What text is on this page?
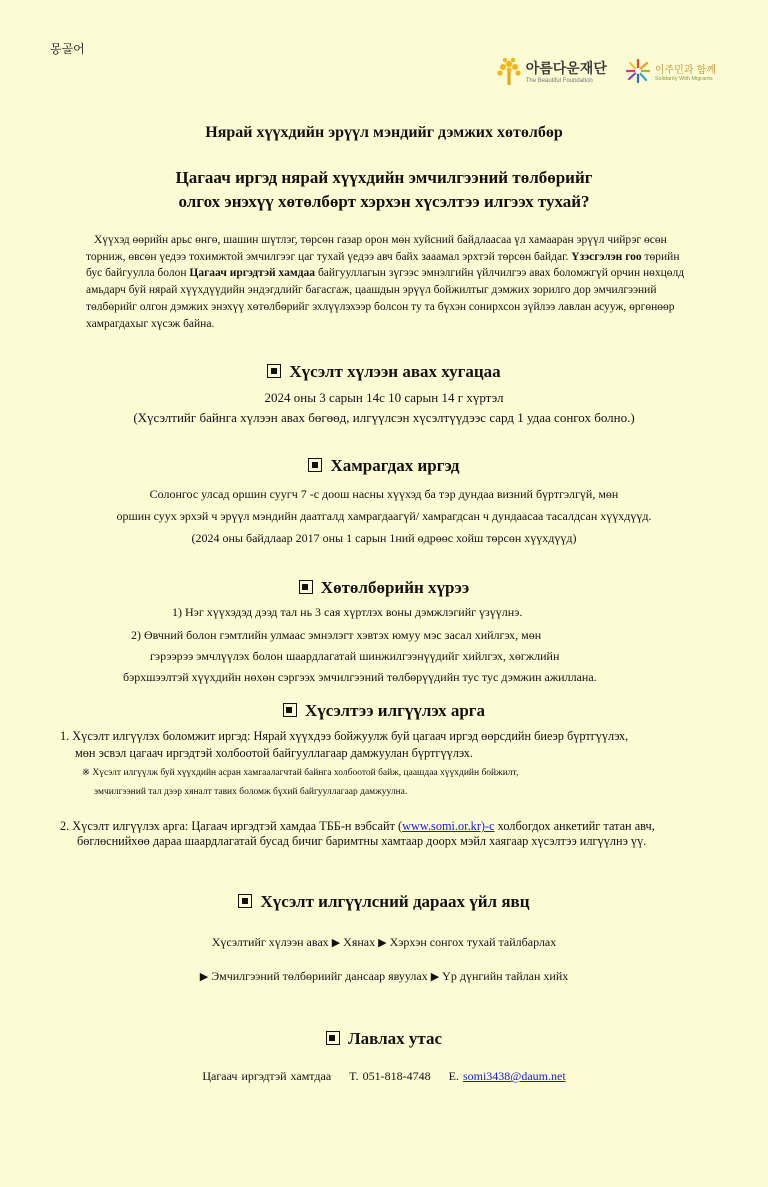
몽골어
아름다운재단
The Beautiful Foundation
이주민과 함께
Solidarity With Migrants
Нярай хүүхдийн эрүүл мэндийг дэмжих хөтөлбөр
Цагаач иргэд нярай хүүхдийн эмчилгээний төлбөрийг
олгох энэхүү хөтөлбөрт хэрхэн хүсэлтээ илгээх тухай?
Хүүхэд өөрийн арьс өнгө, шашин шүтлэг, төрсөн газар орон мөн хуйсний байдлаасаа үл хамааран эрүүл чийрэг өсөн торниж, өвсөн үедээ тохимжтой эмчилгээг цаг тухай үедээ авч байх зааамал эрхтэй төрсөн байдаг. Үзэсгэлэн гоо төрийн бус байгууллa болон Цагаач иргэдтэй хамдаа байгууллагын зүгээс эмнэлгийн үйлчилгээ авах боломжгүй орчин нөхцөлд амьдарч буй нярай хүүхдүүдийн эндэгдлийг багасгаж, цаашдын эрүүл бойжилтыг дэмжих зорилго дор эмчилгээний төлбөрийг олгон дэмжих энэхүү хөтөлбөрийг эхлүүлэхээр болсон ту та бүхэн сонирхсон зүйлээ лавлан асууж, өргөнөөр хамрагдахыг хүсэж байна.
Хүсэлт хүлээн авах хугацаа
2024 оны 3 сарын 14с 10 сарын 14 г хүртэл
(Хүсэлтийг байнга хүлээн авах бөгөөд, илгүүлсэн хүсэлтүүдээс сард 1 удаа сонгох болно.)
Хамрагдах иргэд
Солонгос улсад оршин суугч 7 -с доош насны хүүхэд ба тэр дундаа визний бүртгэлгүй, мөн
оршин суух эрхэй ч эрүүл мэндийн даатгалд хамрагдаагүй/ хамрагдсан ч дундаасаа тасалдсан хүүхдүүд.
(2024 оны байдлаар 2017 оны 1 сарын 1ний өдрөөс хойш төрсөн хүүхдүүд)
Хөтөлбөрийн хүрээ
1) Нэг хүүхэдэд дээд тал нь 3 сая хүртлэх воны дэмжлэгийг үзүүлнэ.
2) Өвчний болон гэмтлийн улмаас эмнэлэгт хэвтэх юмуу мэс засал хийлгэх, мөн
гэрээрээ эмчлүүлэх болон шаардлагатай шинжилгээнүүдийг хийлгэх, хөгжлийн
бэрхшээлтэй хүүхдийн нөхөн сэргээх эмчилгээний төлбөрүүдийн тус тус дэмжин ажиллана.
Хүсэлтээ илгүүлэх арга
1. Хүсэлт илгүүлэх боломжит иргэд: Нярай хүүхдээ бойжуулж буй цагаач иргэд өөрсдийн биеэр бүртгүүлэх,
мөн эсвэл цагаач иргэдтэй холбоотой байгууллагаар дамжуулан бүртгүүлэх.
※ Хүсэлт илгүүлж буй хүүхдийн асран хамгаалагчтай байнга холбоотой байж, цаашдаа хүүхдийн бойжилт,
эмчилгээний тал дээр хяналт тавих боломж бүхий байгууллагаар дамжуулна.
2. Хүсэлт илгүүлэх арга: Цагаач иргэдтэй хамдаа ТББ-н вэбсайт (www.somi.or.kr)-с холбогдох анкетийг татан авч,
бөглөснийхөө дараа шаардлагатай бусад бичиг баримтны хамтаар доорх мэйл хаягаар хүсэлтээ илгүүлнэ үү.
Хүсэлт илгүүлсний дараах үйл явц
Хүсэлтийг хүлээн авах ▶ Хянах ▶ Хэрхэн сонгох тухай тайлбарлах
▶ Эмчилгээний төлбөриийг дансаар явуулах ▶ Үр дүнгийн тайлан хийх
Лавлах утас
Цагаач иргэдтэй хамтдаа T. 051-818-4748 E. somi3438@daum.net
